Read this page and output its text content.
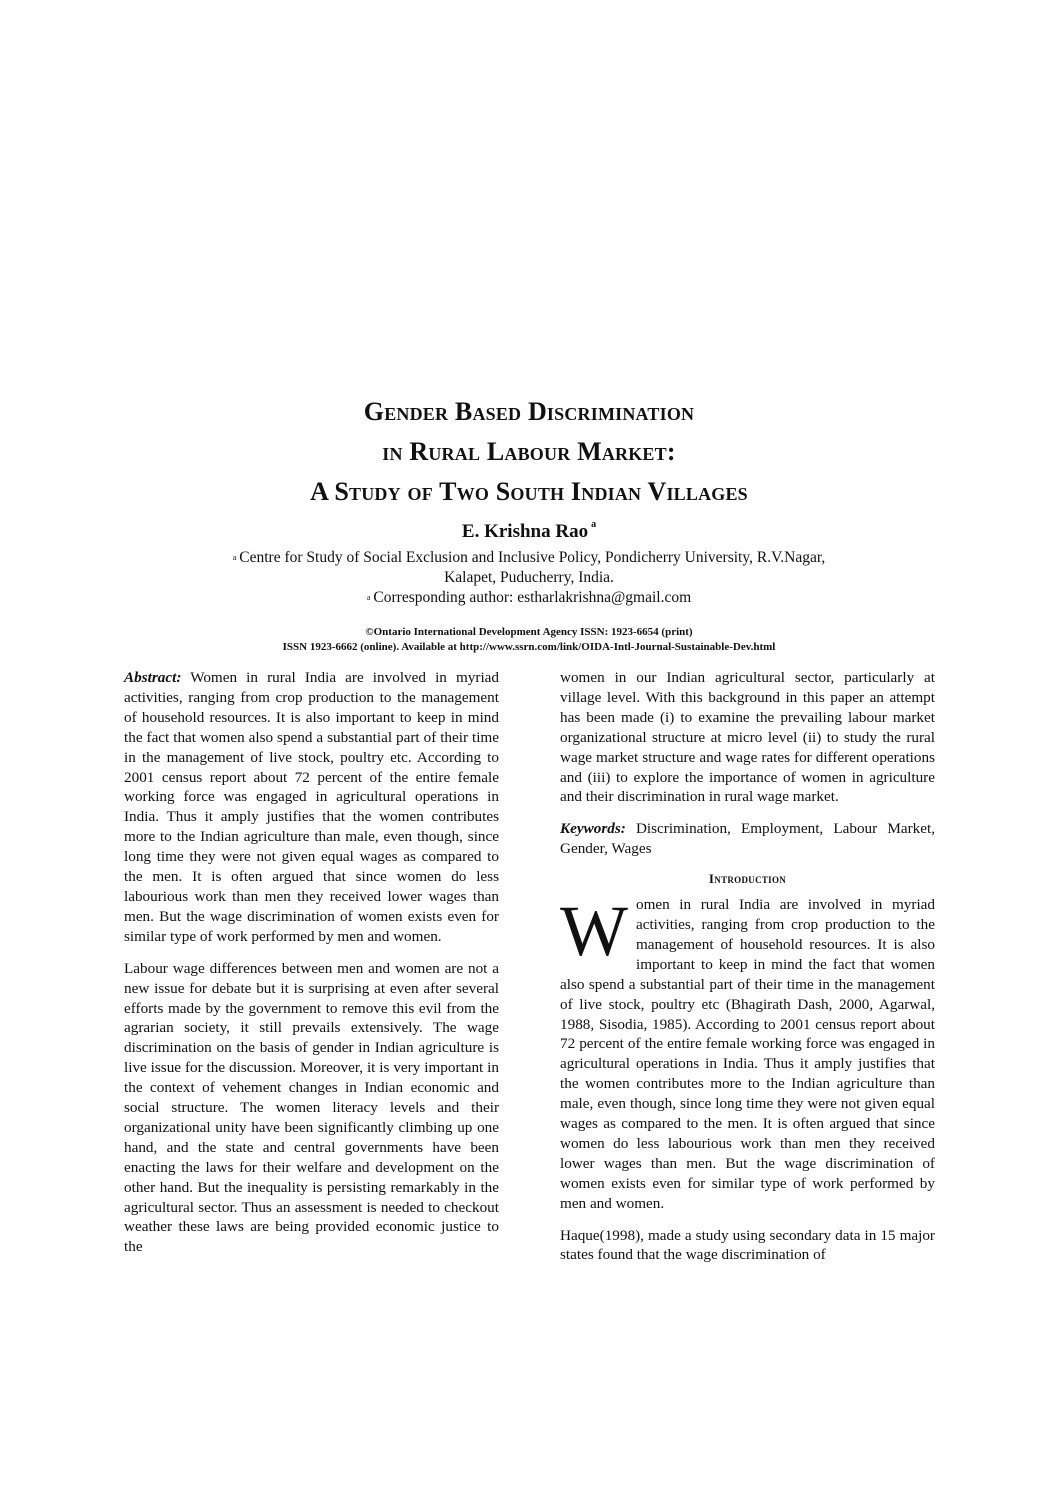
Gender Based Discrimination
in Rural Labour Market:
A Study of Two South Indian Villages
E. Krishna Rao $^a$
$^a$ Centre for Study of Social Exclusion and Inclusive Policy, Pondicherry University, R.V.Nagar,
Kalapet, Puducherry, India.
$^a$ Corresponding author: estharlakrishna@gmail.com
©Ontario International Development Agency ISSN: 1923-6654 (print)
ISSN 1923-6662 (online). Available at http://www.ssrn.com/link/OIDA-Intl-Journal-Sustainable-Dev.html

Abstract: Women in rural India are involved in myriad activities, ranging from crop production to the management of household resources. It is also important to keep in mind the fact that women also spend a substantial part of their time in the management of live stock, poultry etc. According to 2001 census report about 72 percent of the entire female working force was engaged in agricultural operations in India. Thus it amply justifies that the women contributes more to the Indian agriculture than male, even though, since long time they were not given equal wages as compared to the men. It is often argued that since women do less labourious work than men they received lower wages than men. But the wage discrimination of women exists even for similar type of work performed by men and women.

Labour wage differences between men and women are not a new issue for debate but it is surprising at even after several efforts made by the government to remove this evil from the agrarian society, it still prevails extensively. The wage discrimination on the basis of gender in Indian agriculture is live issue for the discussion. Moreover, it is very important in the context of vehement changes in Indian economic and social structure. The women literacy levels and their organizational unity have been significantly climbing up one hand, and the state and central governments have been enacting the laws for their welfare and development on the other hand. But the inequality is persisting remarkably in the agricultural sector. Thus an assessment is needed to checkout weather these laws are being provided economic justice to the

women in our Indian agricultural sector, particularly at village level. With this background in this paper an attempt has been made (i) to examine the prevailing labour market organizational structure at micro level (ii) to study the rural wage market structure and wage rates for different operations and (iii) to explore the importance of women in agriculture and their discrimination in rural wage market.

Keywords: Discrimination, Employment, Labour Market, Gender, Wages

Introduction

Women in rural India are involved in myriad activities, ranging from crop production to the management of household resources. It is also important to keep in mind the fact that women also spend a substantial part of their time in the management of live stock, poultry etc (Bhagirath Dash, 2000, Agarwal, 1988, Sisodia, 1985). According to 2001 census report about 72 percent of the entire female working force was engaged in agricultural operations in India. Thus it amply justifies that the women contributes more to the Indian agriculture than male, even though, since long time they were not given equal wages as compared to the men. It is often argued that since women do less labourious work than men they received lower wages than men. But the wage discrimination of women exists even for similar type of work performed by men and women.

Haque(1998), made a study using secondary data in 15 major states found that the wage discrimination of
